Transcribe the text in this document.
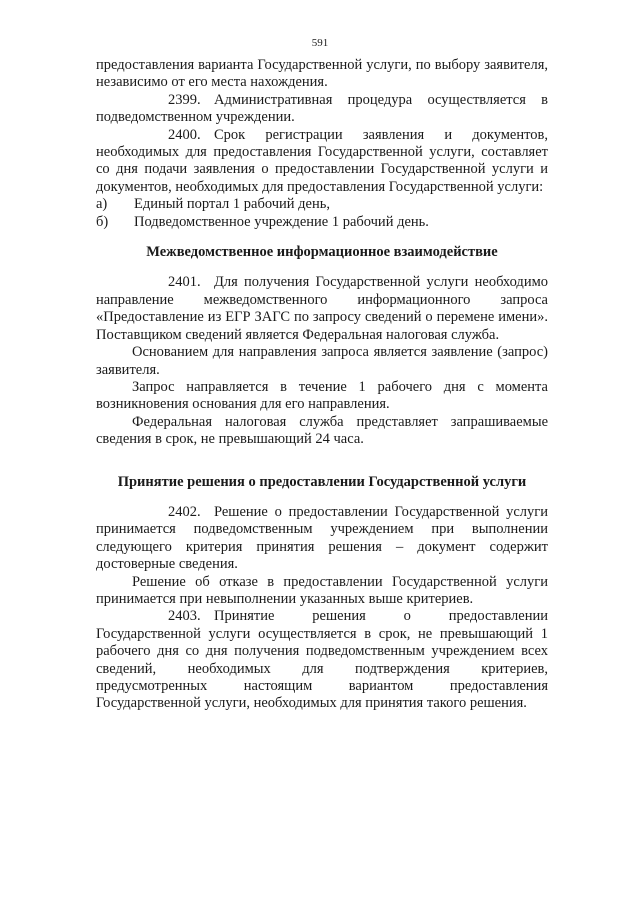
591

предоставления варианта Государственной услуги, по выбору заявителя, независимо от его места нахождения.

2399. Административная процедура осуществляется в подведомственном учреждении.

2400. Срок регистрации заявления и документов, необходимых для предоставления Государственной услуги, составляет со дня подачи заявления о предоставлении Государственной услуги и документов, необходимых для предоставления Государственной услуги:

а)	Единый портал 1 рабочий день,
б)	Подведомственное учреждение 1 рабочий день.

Межведомственное информационное взаимодействие

2401. Для получения Государственной услуги необходимо направление межведомственного информационного запроса «Предоставление из ЕГР ЗАГС по запросу сведений о перемене имени». Поставщиком сведений является Федеральная налоговая служба.

Основанием для направления запроса является заявление (запрос) заявителя.

Запрос направляется в течение 1 рабочего дня с момента возникновения основания для его направления.

Федеральная налоговая служба представляет запрашиваемые сведения в срок, не превышающий 24 часа.

Принятие решения о предоставлении Государственной услуги

2402. Решение о предоставлении Государственной услуги принимается подведомственным учреждением при выполнении следующего критерия принятия решения – документ содержит достоверные сведения.

Решение об отказе в предоставлении Государственной услуги принимается при невыполнении указанных выше критериев.

2403. Принятие решения о предоставлении Государственной услуги осуществляется в срок, не превышающий 1 рабочего дня со дня получения подведомственным учреждением всех сведений, необходимых для подтверждения критериев, предусмотренных настоящим вариантом предоставления Государственной услуги, необходимых для принятия такого решения.
